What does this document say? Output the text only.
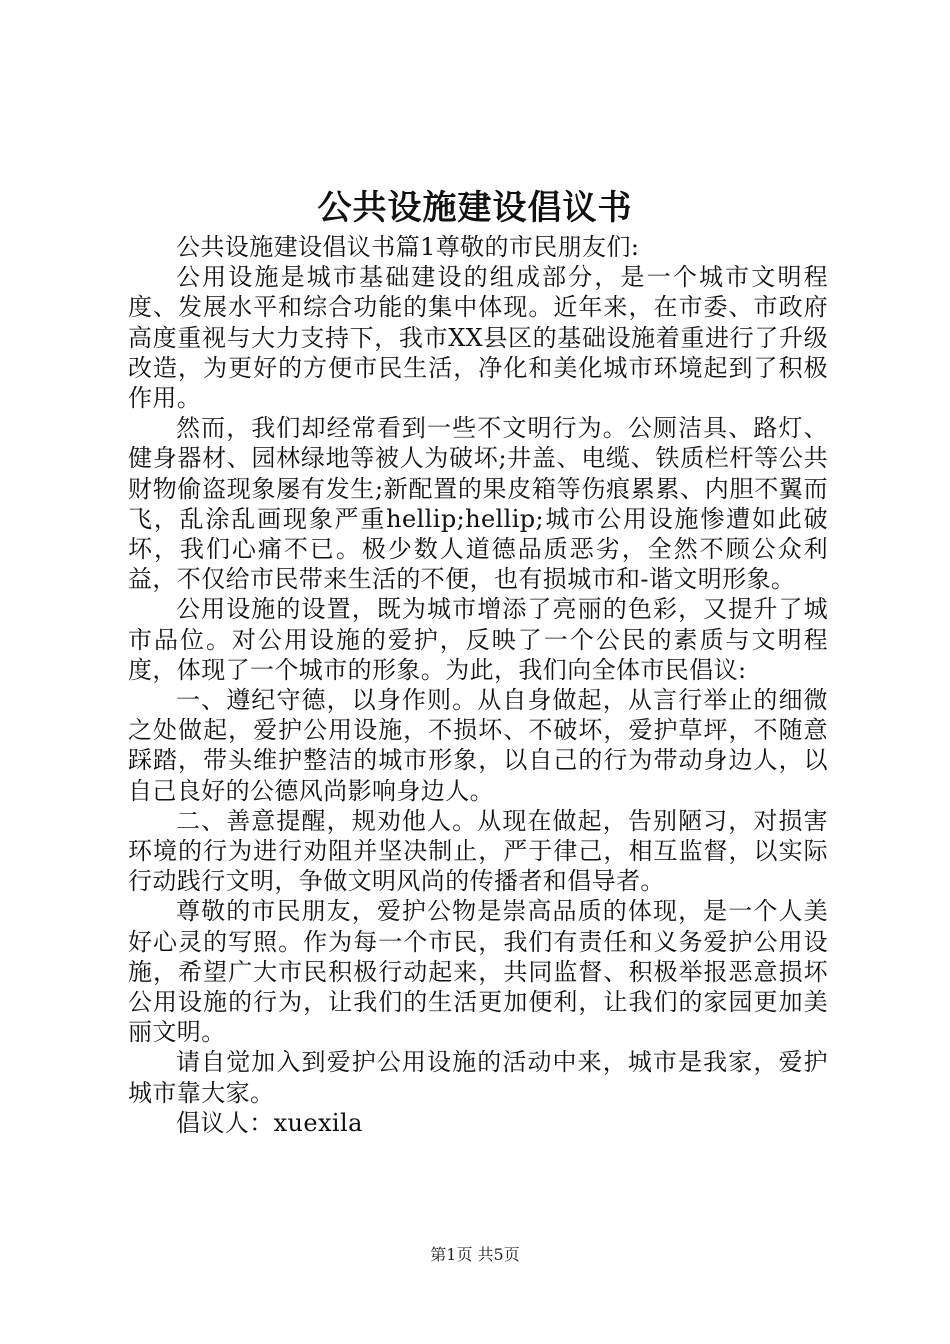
公共设施建设倡议书

公共设施建设倡议书篇1尊敬的市民朋友们:

公用设施是城市基础建设的组成部分，是一个城市文明程度、发展水平和综合功能的集中体现。近年来，在市委、市政府高度重视与大力支持下，我市XX县区的基础设施着重进行了升级改造，为更好的方便市民生活，净化和美化城市环境起到了积极作用。

然而，我们却经常看到一些不文明行为。公厕洁具、路灯、健身器材、园林绿地等被人为破坏;井盖、电缆、铁质栏杆等公共财物偷盗现象屡有发生;新配置的果皮箱等伤痕累累、内胆不翼而飞，乱涂乱画现象严重hellip;hellip;城市公用设施惨遭如此破坏，我们心痛不已。极少数人道德品质恶劣，全然不顾公众利益，不仅给市民带来生活的不便，也有损城市和-谐文明形象。

公用设施的设置，既为城市增添了亮丽的色彩，又提升了城市品位。对公用设施的爱护，反映了一个公民的素质与文明程度，体现了一个城市的形象。为此，我们向全体市民倡议:

一、遵纪守德，以身作则。从自身做起，从言行举止的细微之处做起，爱护公用设施，不损坏、不破坏，爱护草坪，不随意踩踏，带头维护整洁的城市形象，以自己的行为带动身边人，以自己良好的公德风尚影响身边人。

二、善意提醒，规劝他人。从现在做起，告别陋习，对损害环境的行为进行劝阻并坚决制止，严于律己，相互监督，以实际行动践行文明，争做文明风尚的传播者和倡导者。

尊敬的市民朋友，爱护公物是崇高品质的体现，是一个人美好心灵的写照。作为每一个市民，我们有责任和义务爱护公用设施，希望广大市民积极行动起来，共同监督、积极举报恶意损坏公用设施的行为，让我们的生活更加便利，让我们的家园更加美丽文明。

请自觉加入到爱护公用设施的活动中来，城市是我家，爱护城市靠大家。

倡议人：xuexila

第1页 共5页
